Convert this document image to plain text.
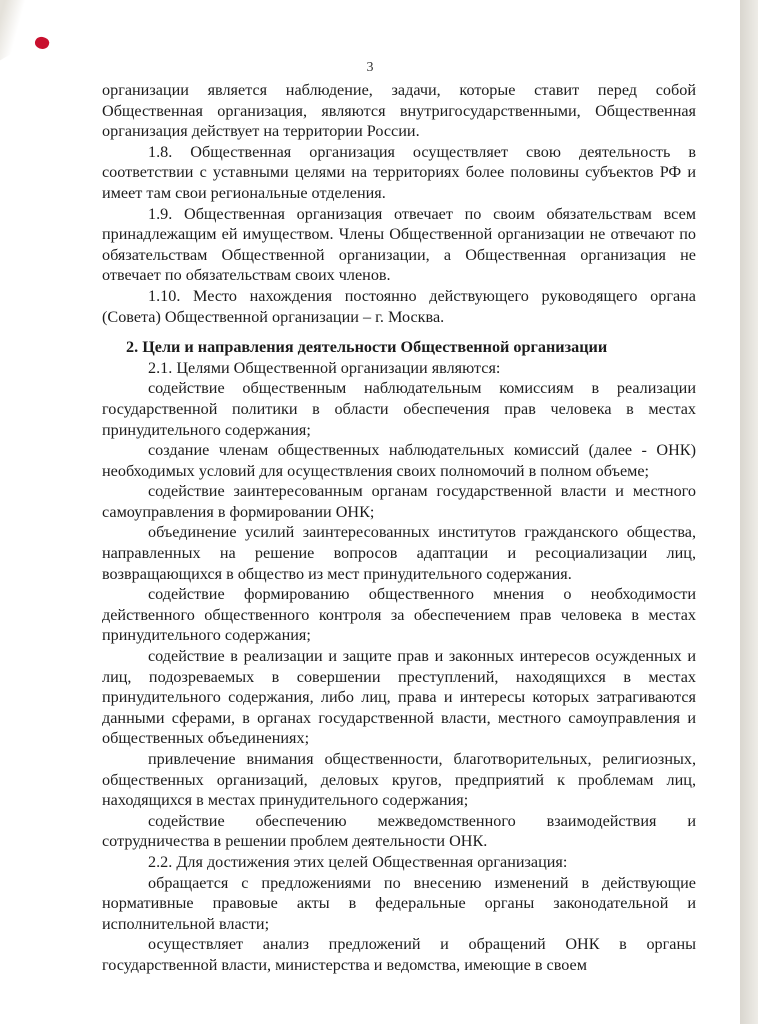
3

организации является наблюдение, задачи, которые ставит перед собой Общественная организация, являются внутригосударственными, Общественная организация действует на территории России.

1.8. Общественная организация осуществляет свою деятельность в соответствии с уставными целями на территориях более половины субъектов РФ и имеет там свои региональные отделения.

1.9. Общественная организация отвечает по своим обязательствам всем принадлежащим ей имуществом. Члены Общественной организации не отвечают по обязательствам Общественной организации, а Общественная организация не отвечает по обязательствам своих членов.

1.10. Место нахождения постоянно действующего руководящего органа (Совета) Общественной организации – г. Москва.

2. Цели и направления деятельности Общественной организации

2.1. Целями Общественной организации являются:

содействие общественным наблюдательным комиссиям в реализации государственной политики в области обеспечения прав человека в местах принудительного содержания;

создание членам общественных наблюдательных комиссий (далее - ОНК) необходимых условий для осуществления своих полномочий в полном объеме;

содействие заинтересованным органам государственной власти и местного самоуправления в формировании ОНК;

объединение усилий заинтересованных институтов гражданского общества, направленных на решение вопросов адаптации и ресоциализации лиц, возвращающихся в общество из мест принудительного содержания.

содействие формированию общественного мнения о необходимости действенного общественного контроля за обеспечением прав человека в местах принудительного содержания;

содействие в реализации и защите прав и законных интересов осужденных и лиц, подозреваемых в совершении преступлений, находящихся в местах принудительного содержания, либо лиц, права и интересы которых затрагиваются данными сферами, в органах государственной власти, местного самоуправления и общественных объединениях;

привлечение внимания общественности, благотворительных, религиозных, общественных организаций, деловых кругов, предприятий к проблемам лиц, находящихся в местах принудительного содержания;

содействие обеспечению межведомственного взаимодействия и сотрудничества в решении проблем деятельности ОНК.

2.2. Для достижения этих целей Общественная организация:

обращается с предложениями по внесению изменений в действующие нормативные правовые акты в федеральные органы законодательной и исполнительной власти;

осуществляет анализ предложений и обращений ОНК в органы государственной власти, министерства и ведомства, имеющие в своем
